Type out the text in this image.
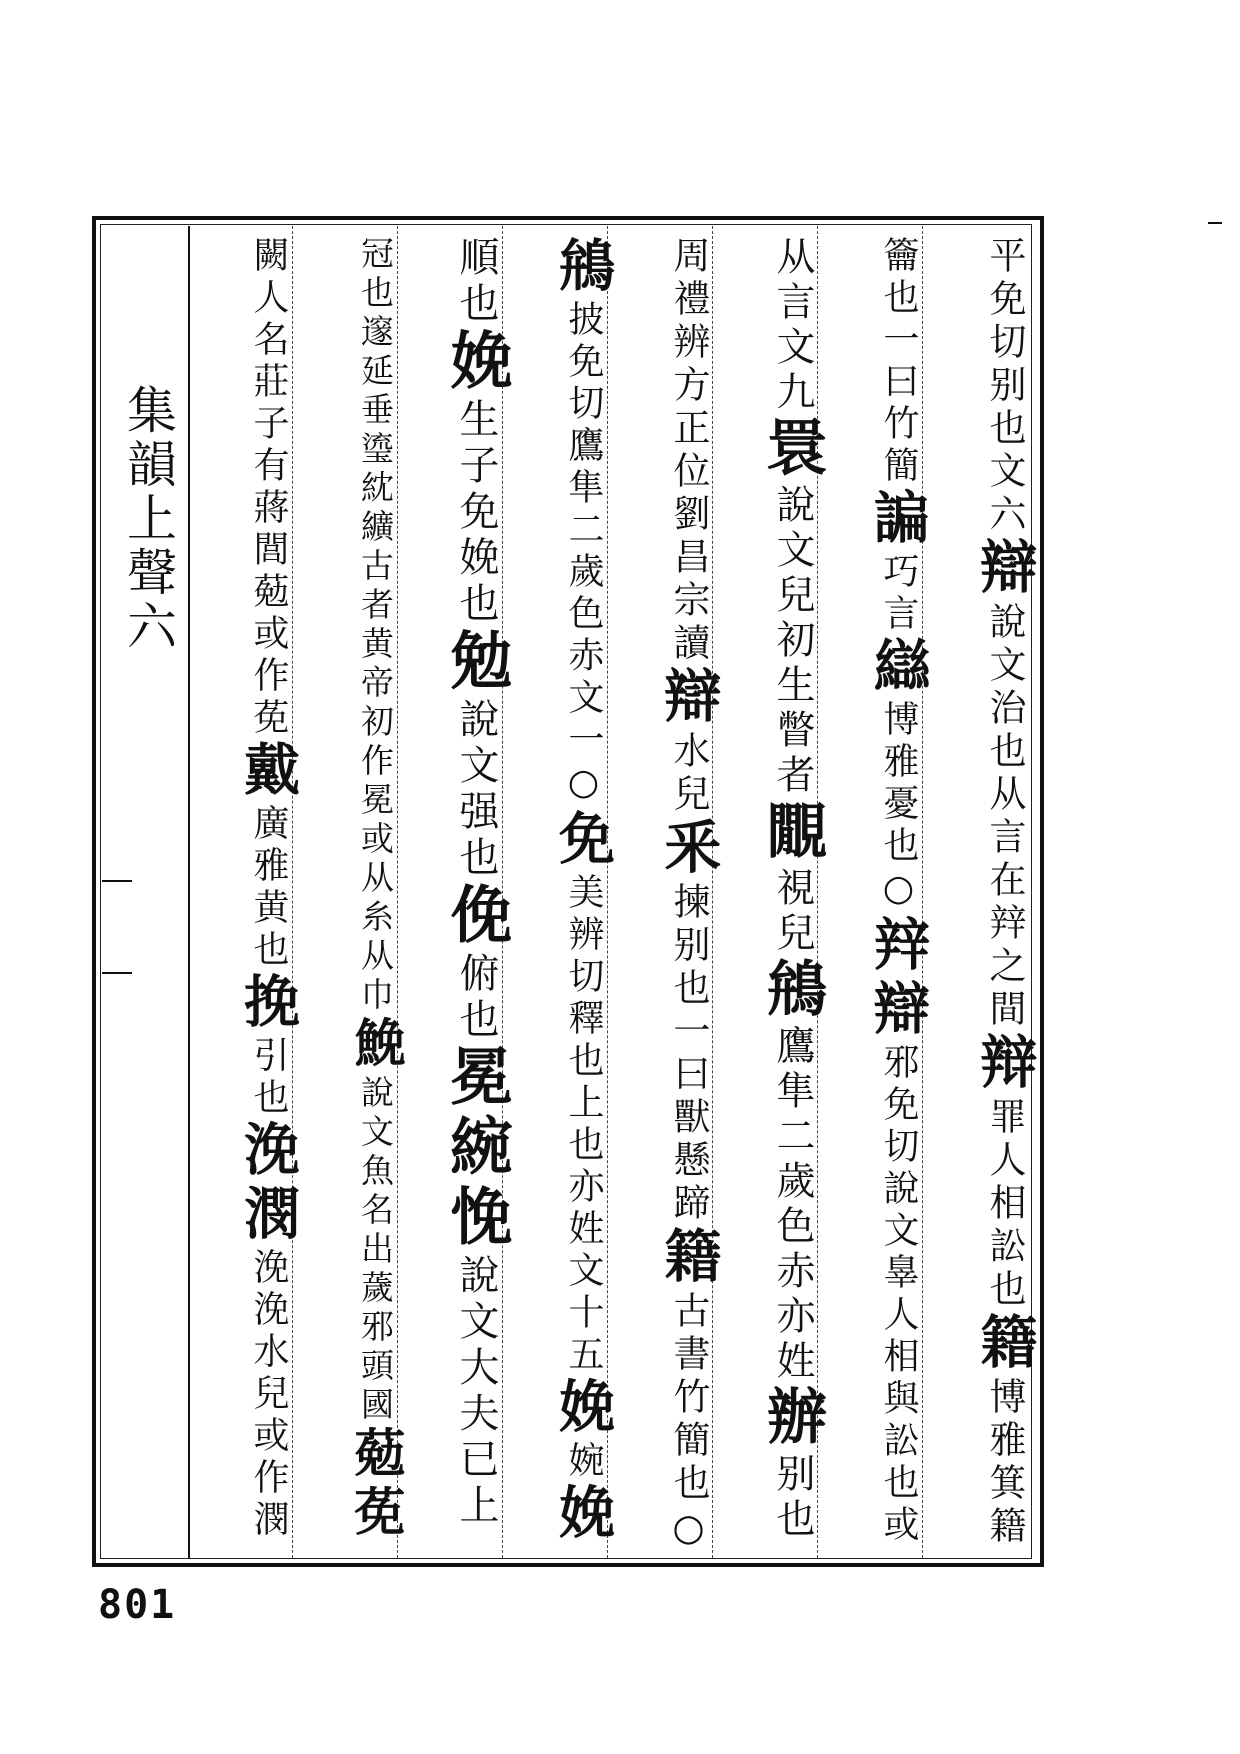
集韻上聲六
平免切别也文六辯說文治也从言在辡之間辩罪人相訟也籍博雅箕籍
籥也一曰竹簡諞巧言䜌博雅憂也○辡辯邪免切說文辠人相與訟也或
从言文九睘說文兒初生瞥者覵視兒鴘鷹隼二歲色赤亦姓辦别也
周禮辨方正位劉昌宗讀辯水兒釆揀别也一曰獸懸蹄籍古書竹簡也○
鴘披免切鷹隼二歲色赤文一○免美辨切釋也上也亦姓文十五娩婉娩
順也娩生子免娩也勉說文强也俛俯也冕綩悗說文大夫已上
冠也邃延垂瑬紞纊古者黄帝初作冕或从糸从巾鮸說文魚名出薉邪頭國葂莬
闕人名莊子有蔣閭葂或作莬戴廣雅黄也挽引也浼潣浼浼水兒或作潣
801
